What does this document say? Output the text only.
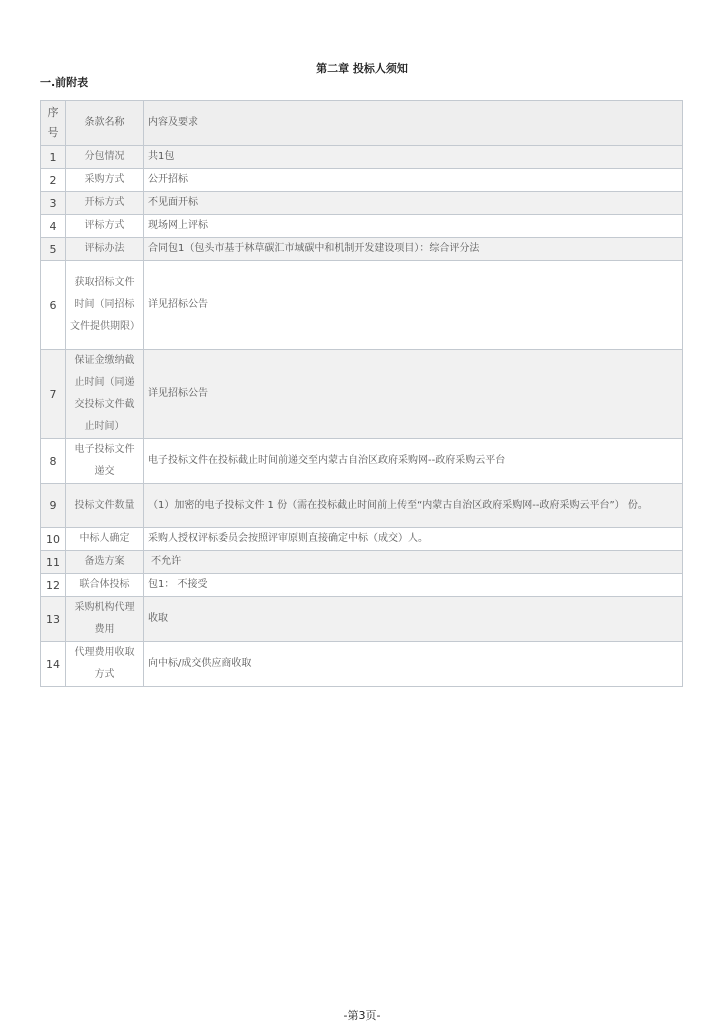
第二章 投标人须知
一.前附表
序号	条款名称	内容及要求
1	分包情况	共1包
2	采购方式	公开招标
3	开标方式	不见面开标
4	评标方式	现场网上评标
5	评标办法	合同包1（包头市基于林草碳汇市域碳中和机制开发建设项目）：综合评分法
6	获取招标文件时间（同招标文件提供期限）	详见招标公告
7	保证金缴纳截止时间（同递交投标文件截止时间）	详见招标公告
8	电子投标文件递交	电子投标文件在投标截止时间前递交至内蒙古自治区政府采购网--政府采购云平台
9	投标文件数量	（1）加密的电子投标文件 1 份（需在投标截止时间前上传至“内蒙古自治区政府采购网--政府采购云平台”） 份。
10	中标人确定	采购人授权评标委员会按照评审原则直接确定中标（成交）人。
11	备选方案	不允许
12	联合体投标	包1： 不接受
13	采购机构代理费用	收取
14	代理费用收取方式	向中标/成交供应商收取
-第3页-
